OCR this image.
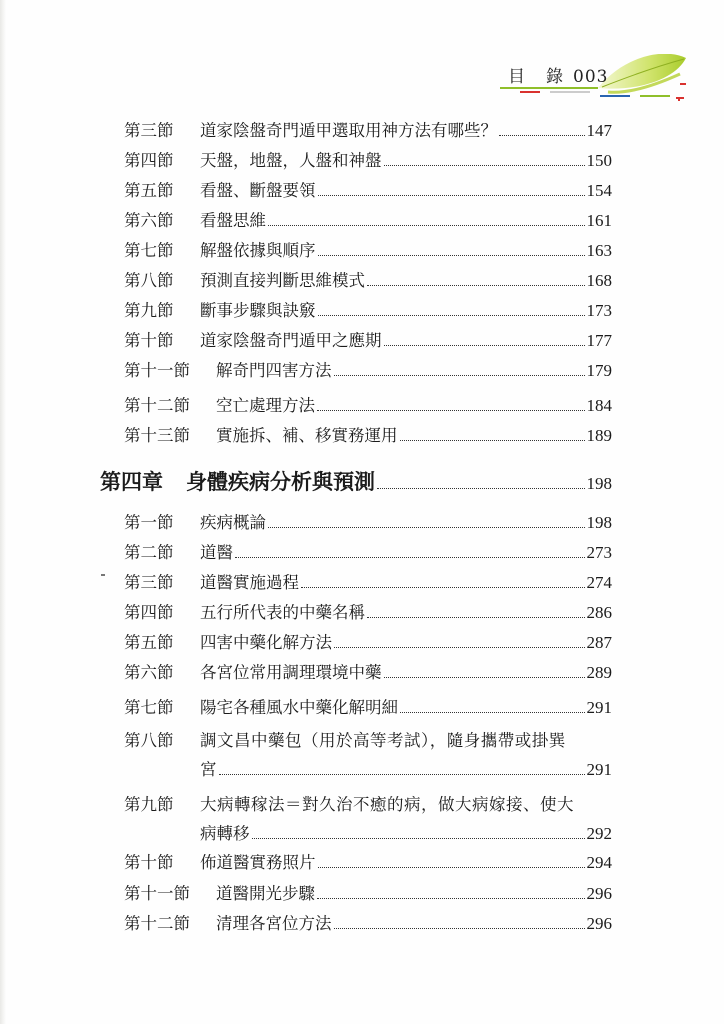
目　錄 003
第三節	道家陰盤奇門遁甲選取用神方法有哪些？	147
第四節	天盤，地盤，人盤和神盤	150
第五節	看盤、斷盤要領	154
第六節	看盤思維	161
第七節	解盤依據與順序	163
第八節	預測直接判斷思維模式	168
第九節	斷事步驟與訣竅	173
第十節	道家陰盤奇門遁甲之應期	177
第十一節	解奇門四害方法	179
第十二節	空亡處理方法	184
第十三節	實施拆、補、移實務運用	189
第四章	身體疾病分析與預測	198
第一節	疾病概論	198
第二節	道醫	273
第三節	道醫實施過程	274
第四節	五行所代表的中藥名稱	286
第五節	四害中藥化解方法	287
第六節	各宮位常用調理環境中藥	289
第七節	陽宅各種風水中藥化解明細	291
第八節 調文昌中藥包（用於高等考試），隨身攜帶或掛巽
宮	291
第九節 大病轉稼法＝對久治不癒的病，做大病嫁接、使大
病轉移	292
第十節	佈道醫實務照片	294
第十一節	道醫開光步驟	296
第十二節	清理各宮位方法	296
